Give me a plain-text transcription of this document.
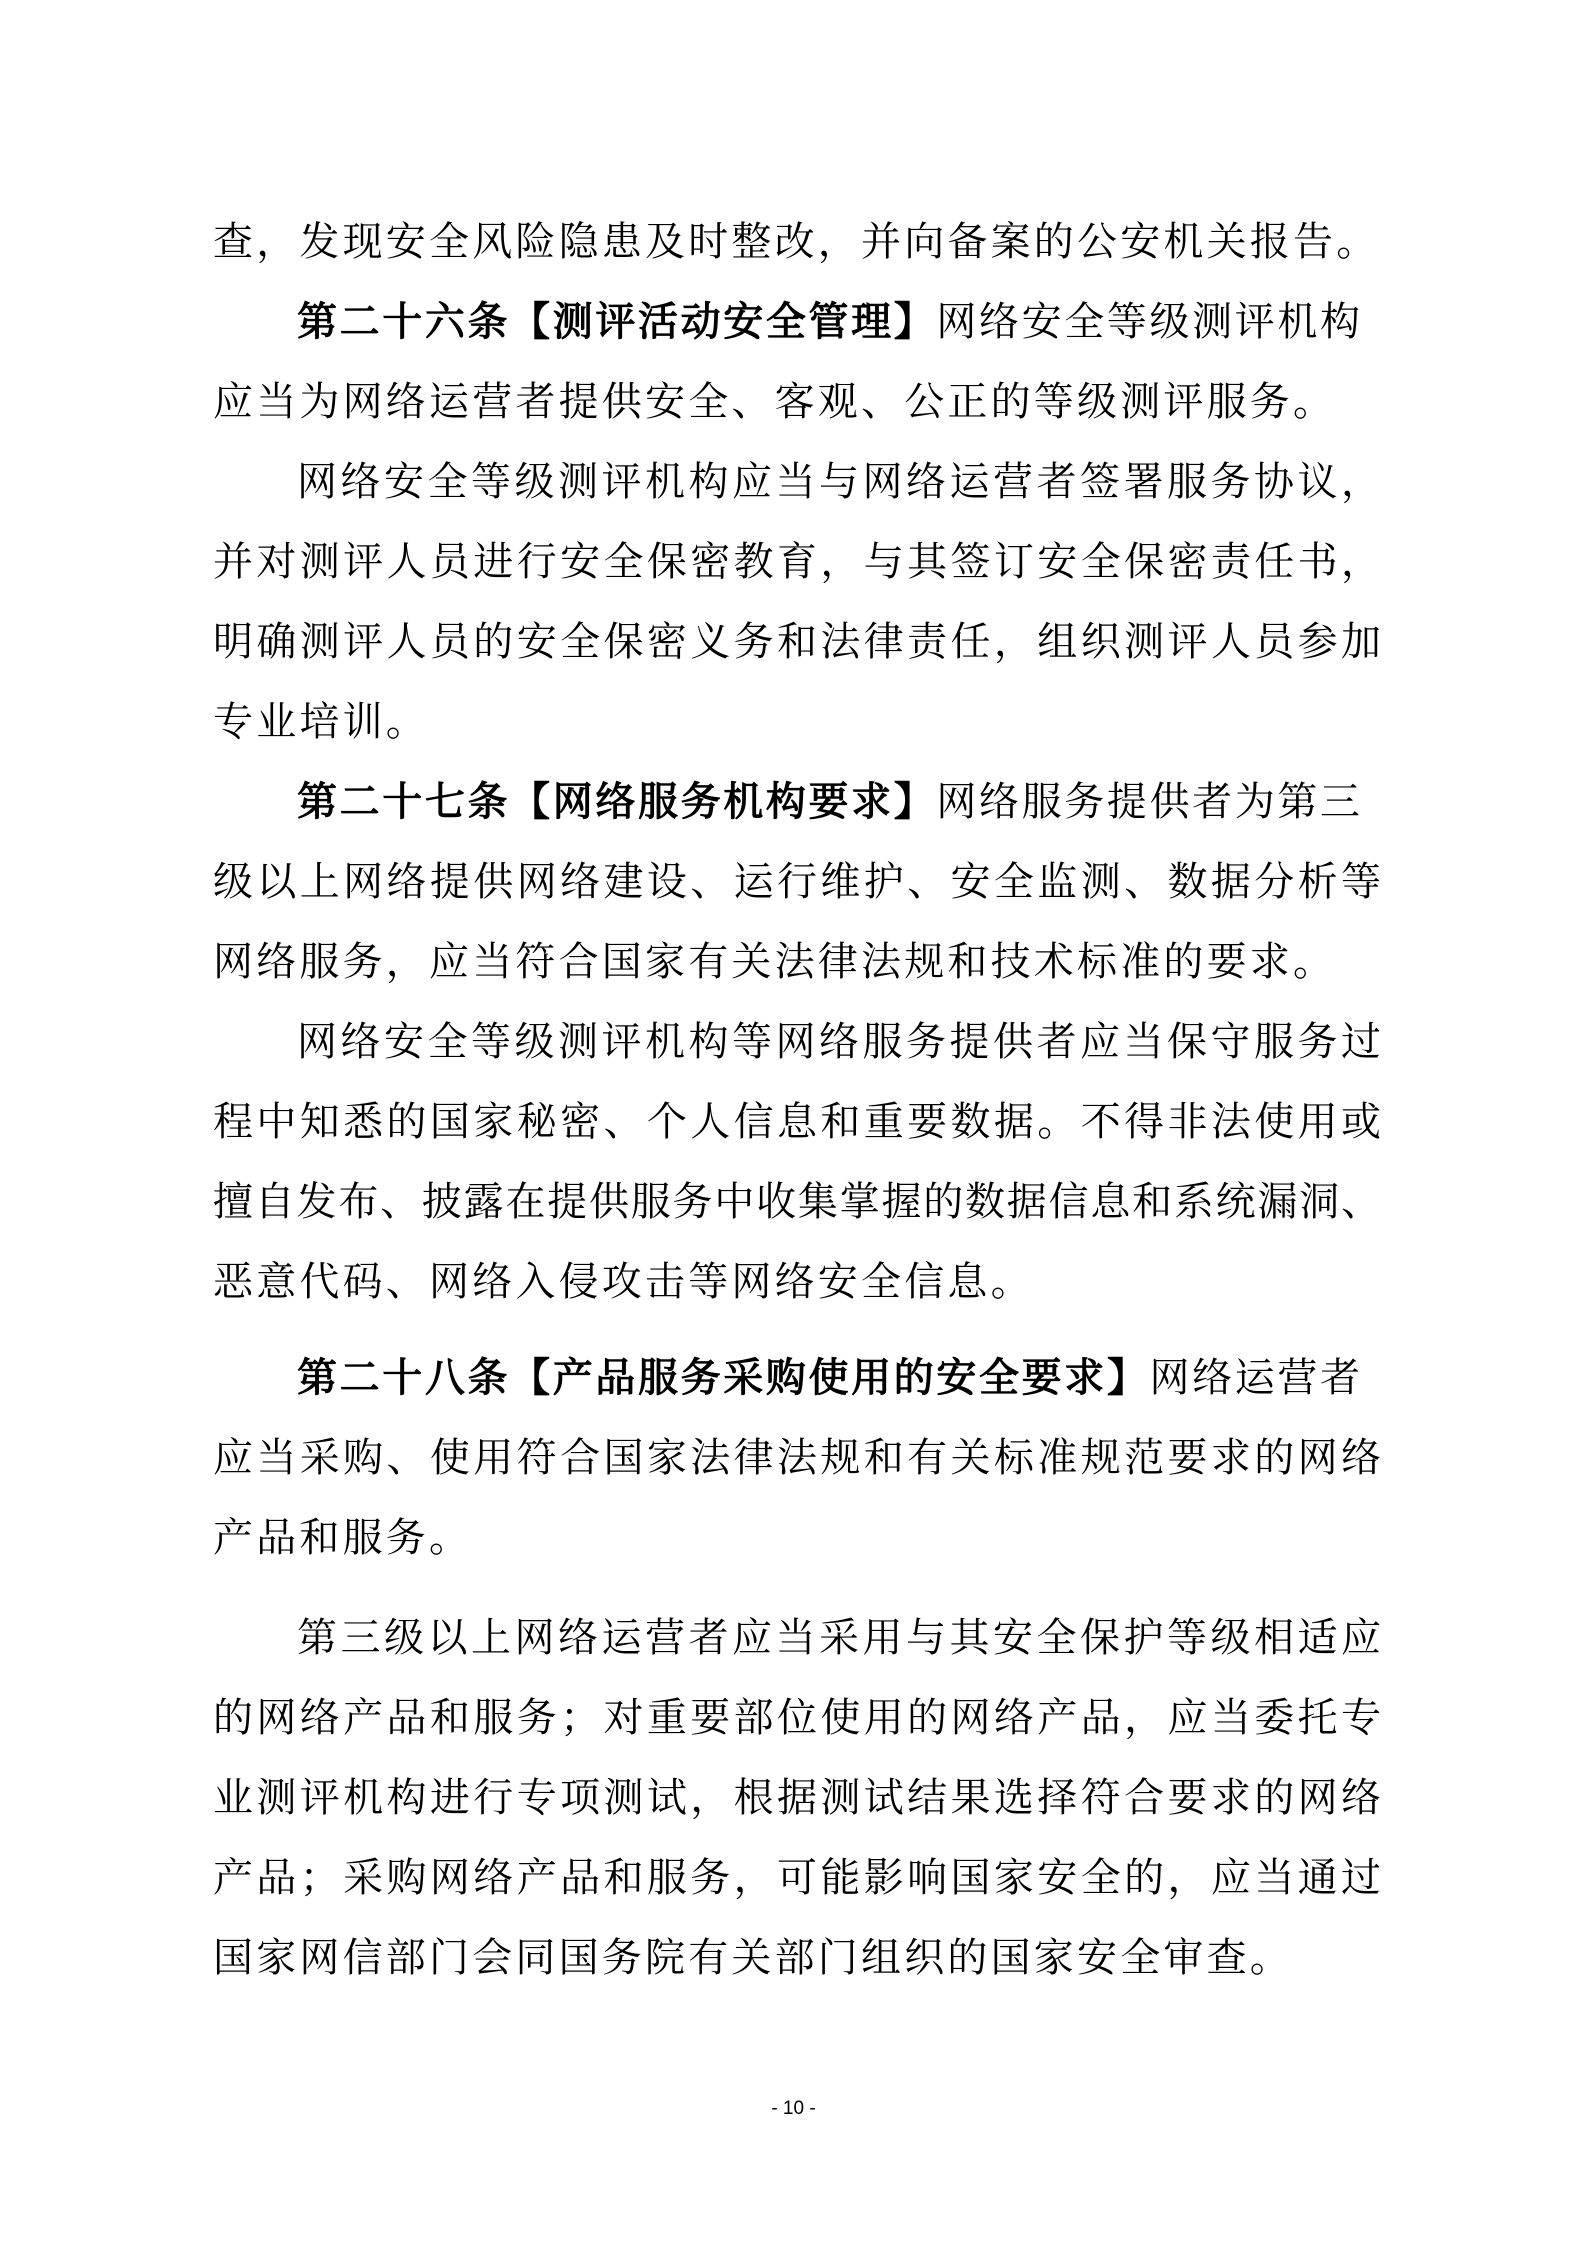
查，发现安全风险隐患及时整改，并向备案的公安机关报告。
第二十六条【测评活动安全管理】网络安全等级测评机构
应当为网络运营者提供安全、客观、公正的等级测评服务。
网络安全等级测评机构应当与网络运营者签署服务协议，
并对测评人员进行安全保密教育，与其签订安全保密责任书，
明确测评人员的安全保密义务和法律责任，组织测评人员参加
专业培训。
第二十七条【网络服务机构要求】网络服务提供者为第三
级以上网络提供网络建设、运行维护、安全监测、数据分析等
网络服务，应当符合国家有关法律法规和技术标准的要求。
网络安全等级测评机构等网络服务提供者应当保守服务过
程中知悉的国家秘密、个人信息和重要数据。不得非法使用或
擅自发布、披露在提供服务中收集掌握的数据信息和系统漏洞、
恶意代码、网络入侵攻击等网络安全信息。
第二十八条【产品服务采购使用的安全要求】网络运营者
应当采购、使用符合国家法律法规和有关标准规范要求的网络
产品和服务。
第三级以上网络运营者应当采用与其安全保护等级相适应
的网络产品和服务；对重要部位使用的网络产品，应当委托专
业测评机构进行专项测试，根据测试结果选择符合要求的网络
产品；采购网络产品和服务，可能影响国家安全的，应当通过
国家网信部门会同国务院有关部门组织的国家安全审查。
- 10 -
